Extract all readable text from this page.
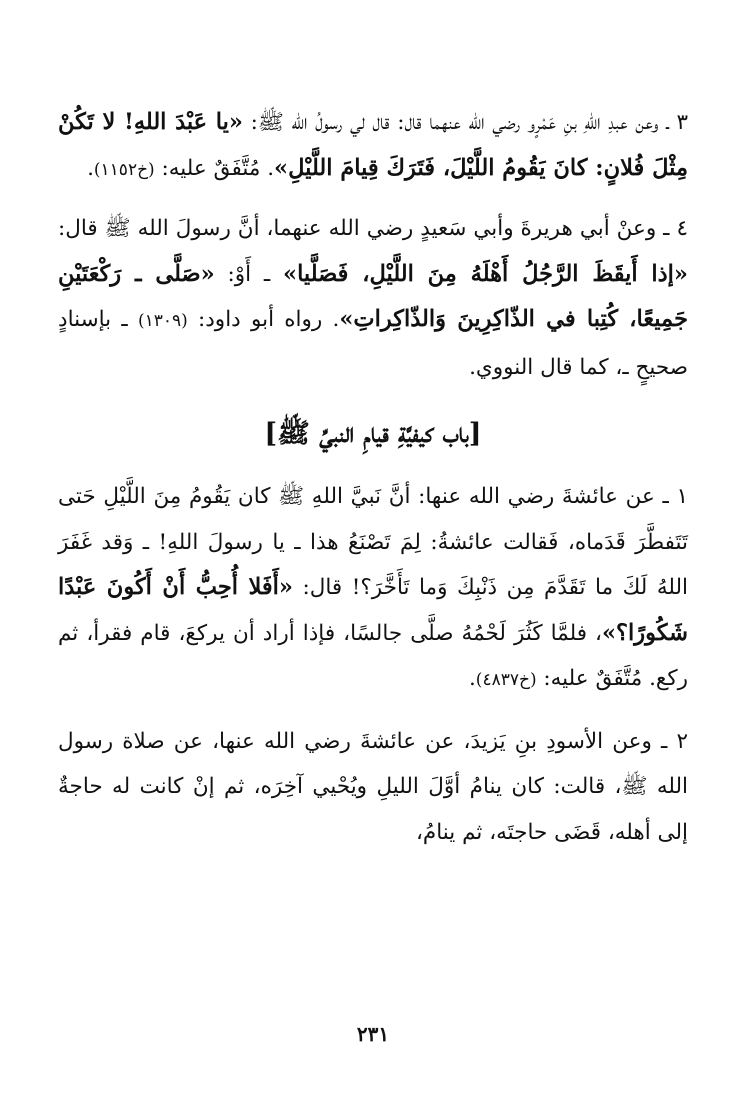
٣ ـ وعن عبدِ اللهِ بنِ عَمْرٍو رضي الله عنهما قال: قال لي رسولُ الله ﷺ: «يا عَبْدَ اللهِ! لا تَكُنْ مِثْلَ فُلانٍ: كانَ يَقُومُ اللَّيْلَ، فَتَرَكَ قِيامَ اللَّيْلِ». مُتَّفَقٌ عليه: (خ١١٥٢).

٤ ـ وعنْ أبي هريرةَ وأبي سَعيدٍ رضي الله عنهما، أنَّ رسولَ الله ﷺ قال: «إذا أَيقَظَ الرَّجُلُ أَهْلَهُ مِنَ اللَّيْلِ، فَصَلَّيا» ـ أَوْ: «صَلَّى ـ رَكْعَتَيْنِ جَمِيعًا، كُتِبا في الذّاكِرِينَ وَالذّاكِراتِ». رواه أبو داود: (١٣٠٩) ـ بإسنادٍ صحيحٍ ـ، كما قال النووي.

[باب كيفيَّةِ قيامِ النبيِّ ﷺ]

١ ـ عن عائشةَ رضي الله عنها: أنَّ نَبيَّ اللهِ ﷺ كان يَقُومُ مِنَ اللَّيْلِ حَتى تَتَفطَّرَ قَدَماه، فَقالت عائشةُ: لِمَ تَصْنَعُ هذا ـ يا رسولَ اللهِ! ـ وَقد غَفَرَ اللهُ لَكَ ما تَقَدَّمَ مِن ذَنْبِكَ وَما تَأَخَّرَ؟! قال: «أَفَلا أُحِبُّ أَنْ أَكُونَ عَبْدًا شَكُورًا؟»، فلمَّا كَثُرَ لَحْمُهُ صلَّى جالسًا، فإذا أراد أن يركعَ، قام فقرأ، ثم ركع. مُتَّفَقٌ عليه: (خ٤٨٣٧).

٢ ـ وعن الأسودِ بنِ يَزيدَ، عن عائشةَ رضي الله عنها، عن صلاة رسول الله ﷺ، قالت: كان ينامُ أوَّلَ الليلِ ويُحْيي آخِرَه، ثم إنْ كانت له حاجةٌ إلى أهله، قَضَى حاجتَه، ثم ينامُ،

٢٣١
